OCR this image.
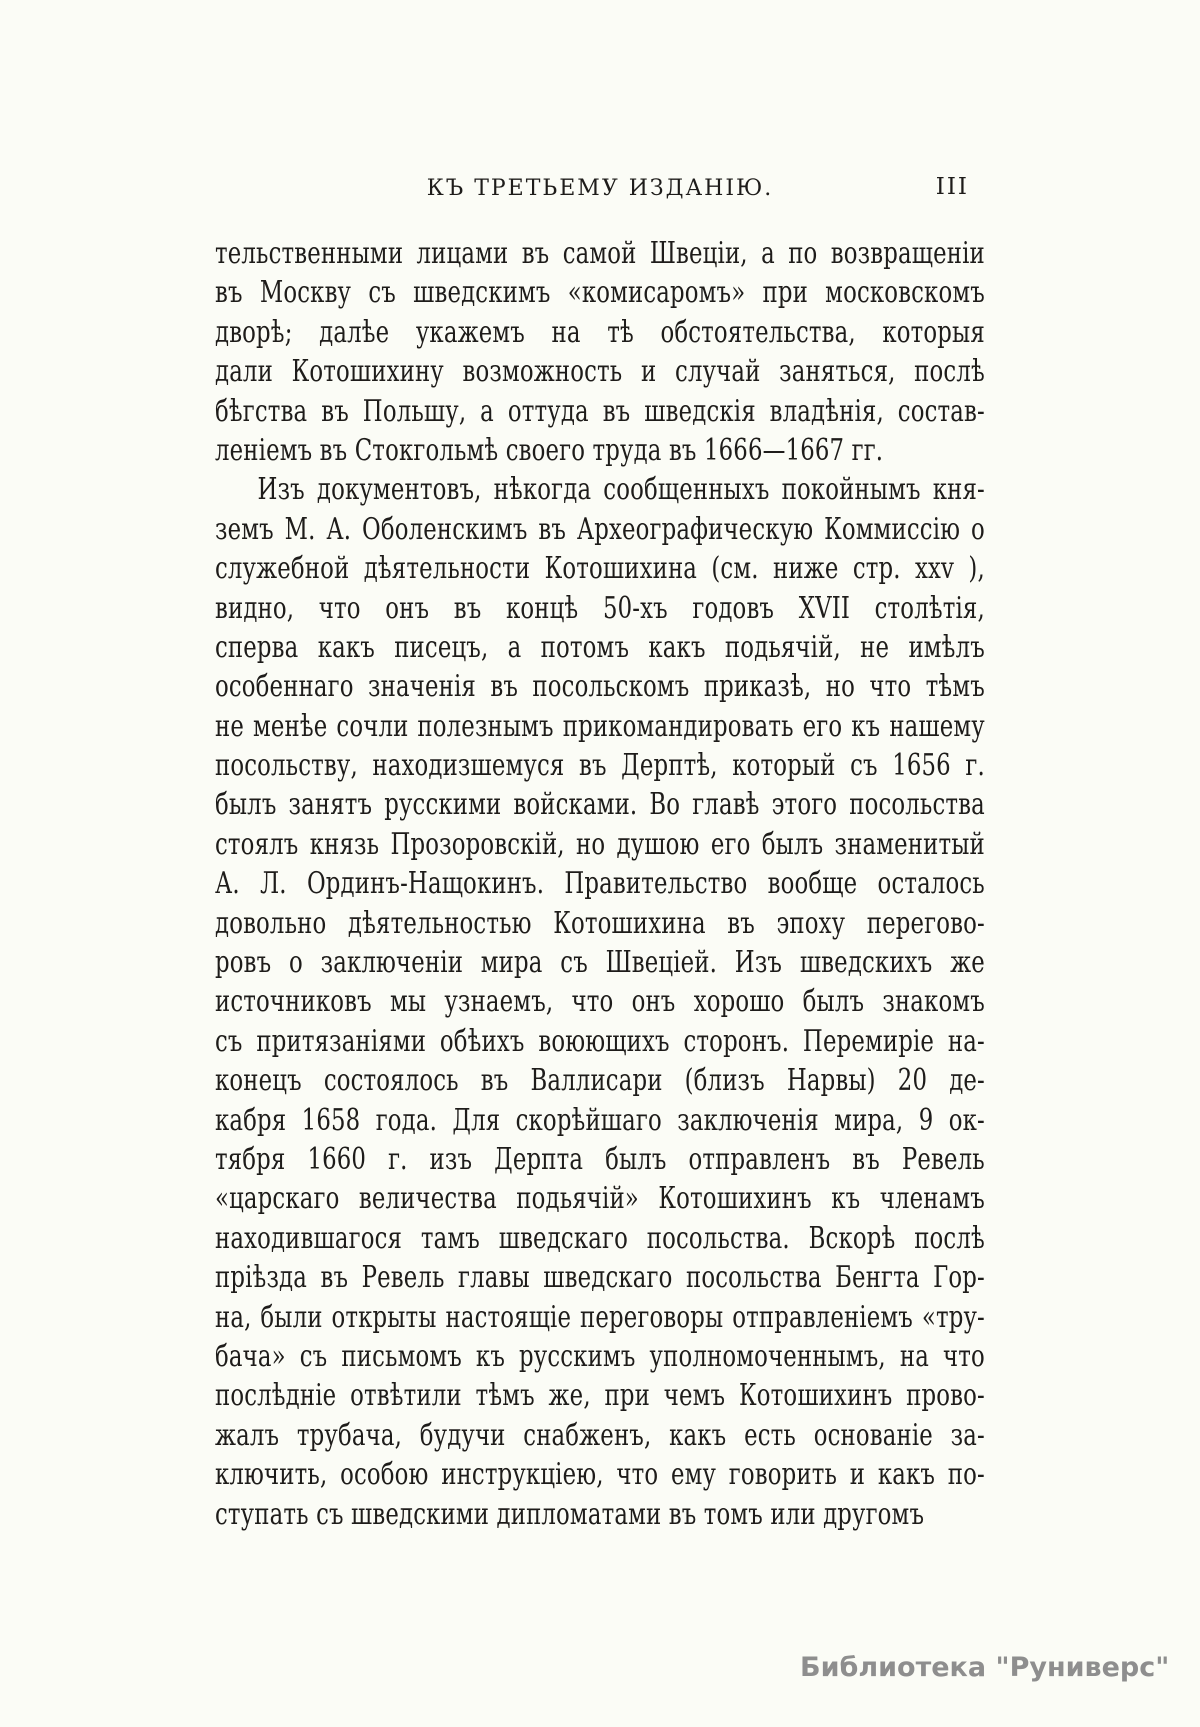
КЪ ТРЕТЬЕМУ ИЗДАНІЮ.	III
тельственными лицами въ самой Швеціи, а по возвращеніи
въ Москву съ шведскимъ «комисаромъ» при московскомъ
дворѣ; далѣе укажемъ на тѣ обстоятельства, которыя
дали Котошихину возможность и случай заняться, послѣ
бѣгства въ Польшу, а оттуда въ шведскія владѣнія, состав-
леніемъ въ Стокгольмѣ своего труда въ 1666—1667 гг.
Изъ документовъ, нѣкогда сообщенныхъ покойнымъ кня-
земъ М. А. Оболенскимъ въ Археографическую Коммиссію о
служебной дѣятельности Котошихина (см. ниже стр. xxv ),
видно, что онъ въ концѣ 50-хъ годовъ XVII столѣтія,
сперва какъ писецъ, а потомъ какъ подьячій, не имѣлъ
особеннаго значенія въ посольскомъ приказѣ, но что тѣмъ
не менѣе сочли полезнымъ прикомандировать его къ нашему
посольству, находизшемуся въ Дерптѣ, который съ 1656 г.
былъ занятъ русскими войсками. Во главѣ этого посольства
стоялъ князь Прозоровскій, но душою его былъ знаменитый
А. Л. Ординъ-Нащокинъ. Правительство вообще осталось
довольно дѣятельностью Котошихина въ эпоху перегово-
ровъ о заключеніи мира съ Швеціей. Изъ шведскихъ же
источниковъ мы узнаемъ, что онъ хорошо былъ знакомъ
съ притязаніями обѣихъ воюющихъ сторонъ. Перемиріе на-
конецъ состоялось въ Валлисари (близъ Нарвы) 20 де-
кабря 1658 года. Для скорѣйшаго заключенія мира, 9 ок-
тября 1660 г. изъ Дерпта былъ отправленъ въ Ревель
«царскаго величества подьячій» Котошихинъ къ членамъ
находившагося тамъ шведскаго посольства. Вскорѣ послѣ
пріѣзда въ Ревель главы шведскаго посольства Бенгта Гор-
на, были открыты настоящіе переговоры отправленіемъ «тру-
бача» съ письмомъ къ русскимъ уполномоченнымъ, на что
послѣдніе отвѣтили тѣмъ же, при чемъ Котошихинъ прово-
жалъ трубача, будучи снабженъ, какъ есть основаніе за-
ключить, особою инструкціею, что ему говорить и какъ по-
ступать съ шведскими дипломатами въ томъ или другомъ
Библиотека "Руниверс"
